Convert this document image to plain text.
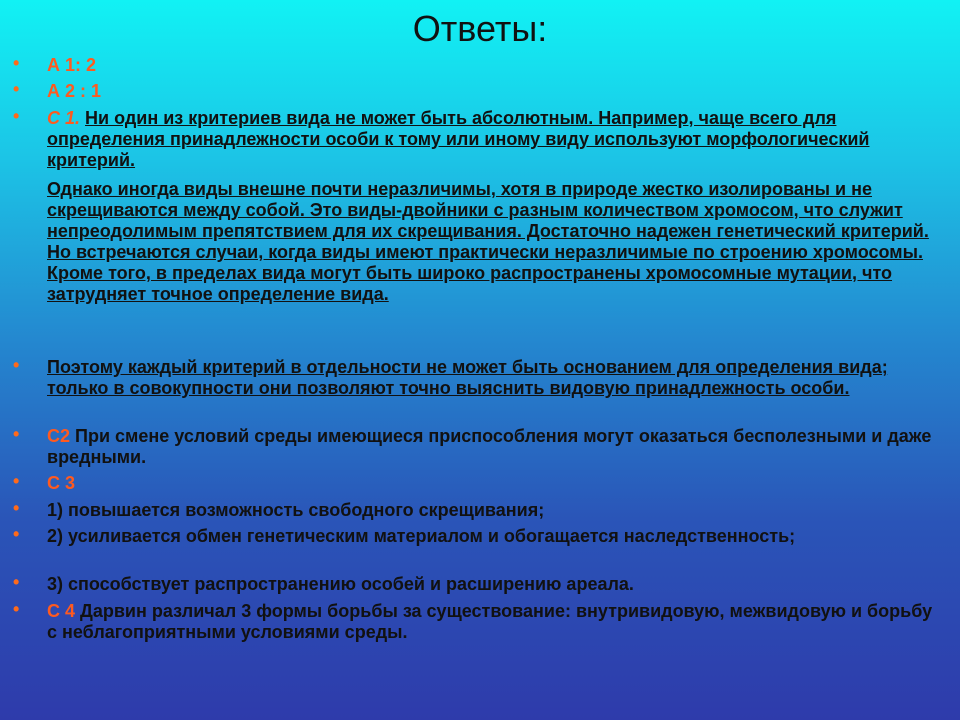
Ответы:
• А 1: 2
• А 2 : 1
• С 1. Ни один из критериев вида не может быть абсолютным. Например, чаще всего для определения принадлежности особи к тому или иному виду используют морфологический критерий.

Однако иногда виды внешне почти неразличимы, хотя в природе жестко изолированы и не скрещиваются между собой. Это виды-двойники с разным количеством хромосом, что служит непреодолимым препятствием для их скрещивания. Достаточно надежен генетический критерий. Но встречаются случаи, когда виды имеют практически неразличимые по строению хромосомы. Кроме того, в пределах вида могут быть широко распространены хромосомные мутации, что затрудняет точное определение вида.

• Поэтому каждый критерий в отдельности не может быть основанием для определения вида; только в совокупности они позволяют точно выяснить видовую принадлежность особи.
• С2 При смене условий среды имеющиеся приспособления могут оказаться бесполезными и даже вредными.
• С 3
• 1) повышается возможность свободного скрещивания;
• 2) усиливается обмен генетическим материалом и обогащается наследственность;
• 3) способствует распространению особей и расширению ареала.
• С 4 Дарвин различал 3 формы борьбы за существование: внутривидовую, межвидовую и борьбу с неблагоприятными условиями среды.
